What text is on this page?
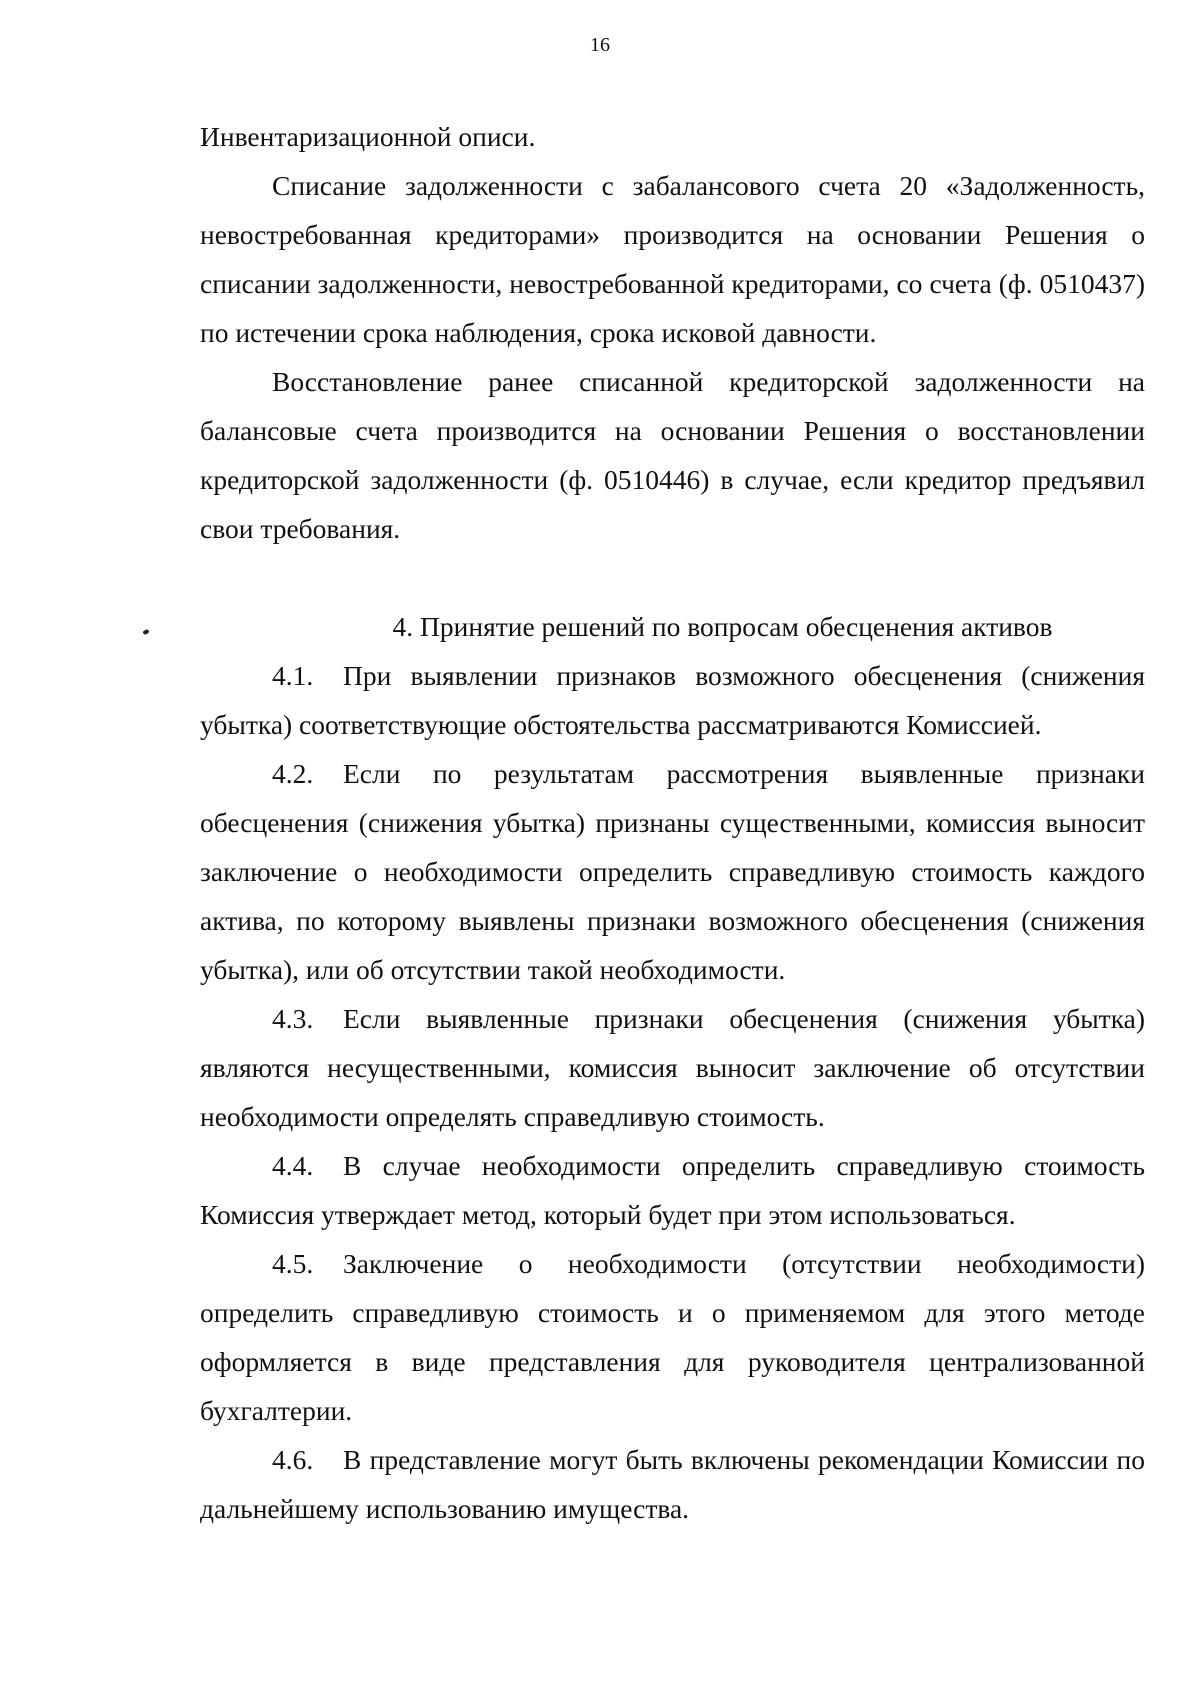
16

Инвентаризационной описи.

Списание задолженности с забалансового счета 20 «Задолженность, невостребованная кредиторами» производится на основании Решения о списании задолженности, невостребованной кредиторами, со счета (ф. 0510437) по истечении срока наблюдения, срока исковой давности.

Восстановление ранее списанной кредиторской задолженности на балансовые счета производится на основании Решения о восстановлении кредиторской задолженности (ф. 0510446) в случае, если кредитор предъявил свои требования.

4. Принятие решений по вопросам обесценения активов

4.1. При выявлении признаков возможного обесценения (снижения убытка) соответствующие обстоятельства рассматриваются Комиссией.

4.2. Если по результатам рассмотрения выявленные признаки обесценения (снижения убытка) признаны существенными, комиссия выносит заключение о необходимости определить справедливую стоимость каждого актива, по которому выявлены признаки возможного обесценения (снижения убытка), или об отсутствии такой необходимости.

4.3. Если выявленные признаки обесценения (снижения убытка) являются несущественными, комиссия выносит заключение об отсутствии необходимости определять справедливую стоимость.

4.4. В случае необходимости определить справедливую стоимость Комиссия утверждает метод, который будет при этом использоваться.

4.5. Заключение о необходимости (отсутствии необходимости) определить справедливую стоимость и о применяемом для этого методе оформляется в виде представления для руководителя централизованной бухгалтерии.

4.6. В представление могут быть включены рекомендации Комиссии по дальнейшему использованию имущества.
